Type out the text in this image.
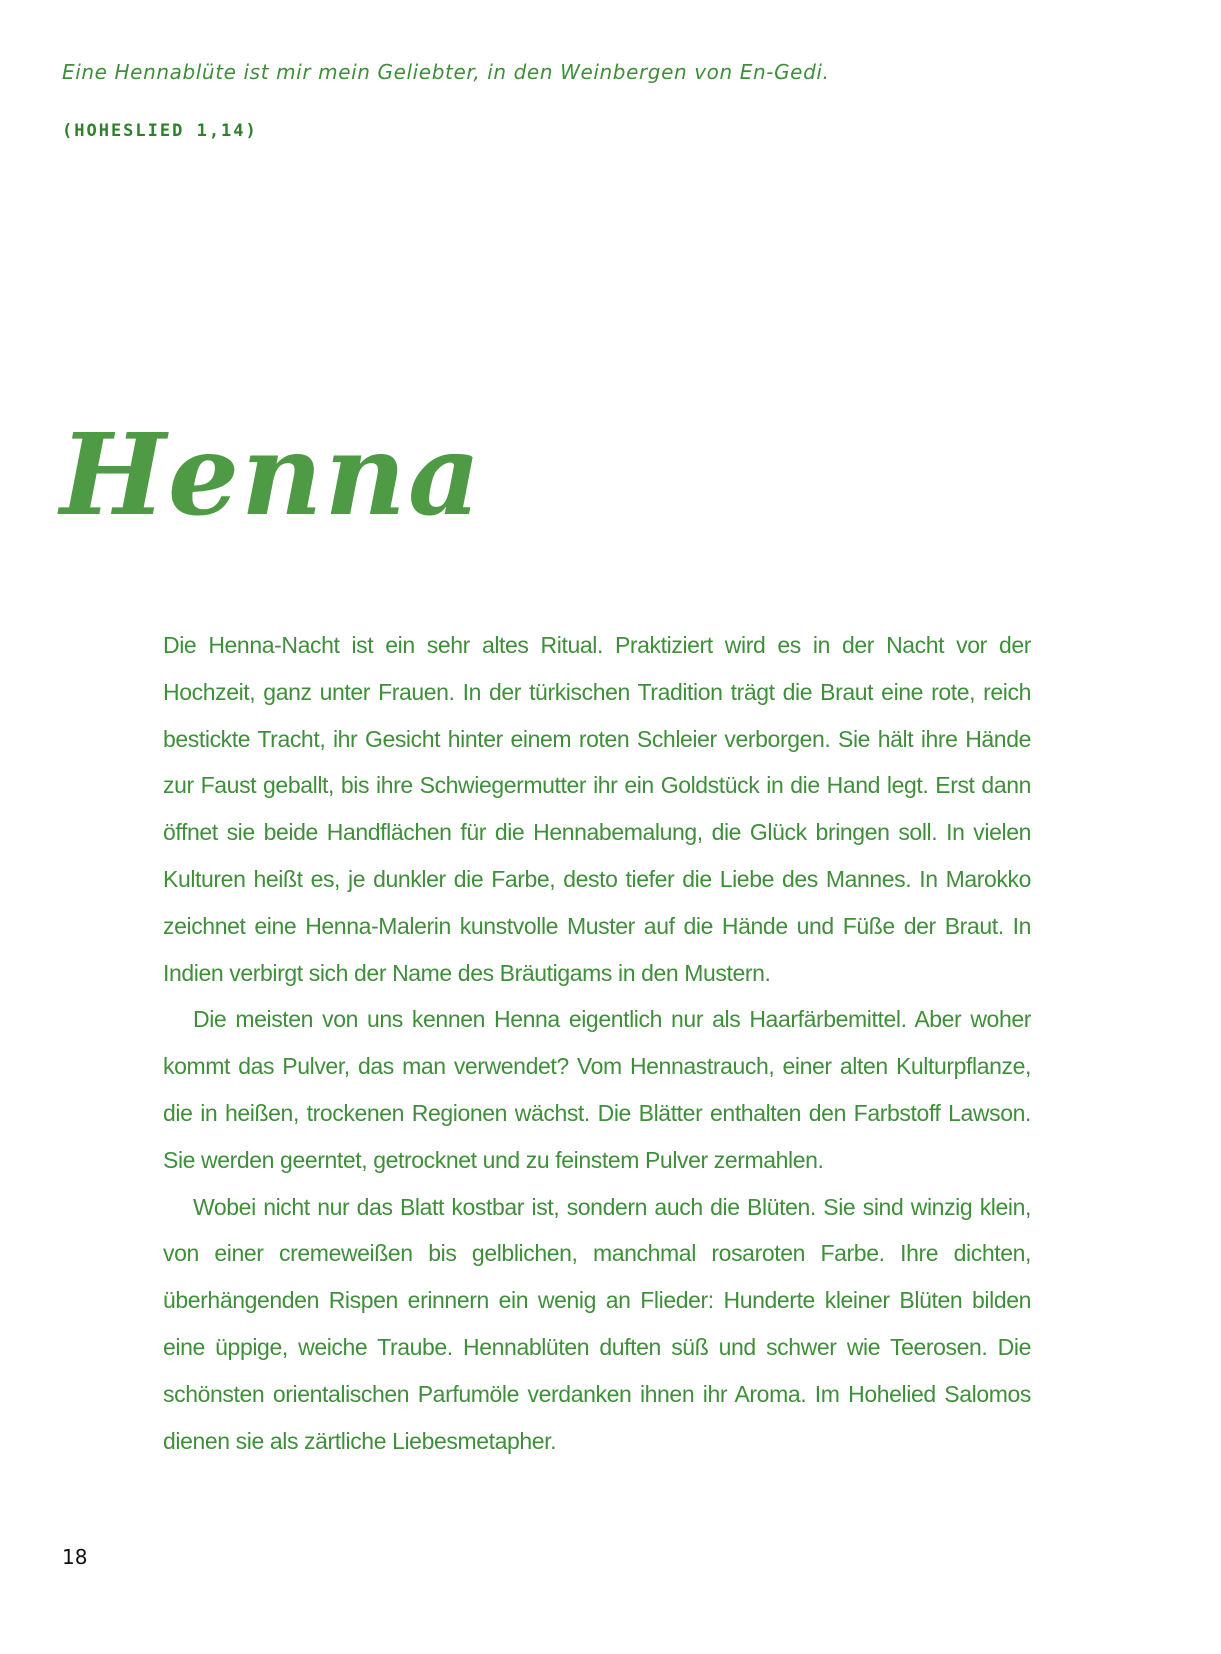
Eine Hennablüte ist mir mein Geliebter, in den Weinbergen von En-Gedi.

(HOHESLIED 1,14)

Henna

Die Henna-Nacht ist ein sehr altes Ritual. Praktiziert wird es in der Nacht vor der Hochzeit, ganz unter Frauen. In der türkischen Tradition trägt die Braut eine rote, reich bestickte Tracht, ihr Gesicht hinter einem roten Schleier verborgen. Sie hält ihre Hände zur Faust geballt, bis ihre Schwiegermutter ihr ein Goldstück in die Hand legt. Erst dann öffnet sie beide Handflächen für die Hennabemalung, die Glück bringen soll. In vielen Kulturen heißt es, je dunkler die Farbe, desto tiefer die Liebe des Mannes. In Marokko zeichnet eine Henna-Malerin kunstvolle Muster auf die Hände und Füße der Braut. In Indien verbirgt sich der Name des Bräutigams in den Mustern.

Die meisten von uns kennen Henna eigentlich nur als Haarfärbemittel. Aber woher kommt das Pulver, das man verwendet? Vom Hennastrauch, einer alten Kulturpflanze, die in heißen, trockenen Regionen wächst. Die Blätter enthalten den Farbstoff Lawson. Sie werden geerntet, getrocknet und zu feinstem Pulver zermahlen.

Wobei nicht nur das Blatt kostbar ist, sondern auch die Blüten. Sie sind winzig klein, von einer cremeweißen bis gelblichen, manchmal rosaroten Farbe. Ihre dichten, überhängenden Rispen erinnern ein wenig an Flieder: Hunderte kleiner Blüten bilden eine üppige, weiche Traube. Hennablüten duften süß und schwer wie Teerosen. Die schönsten orientalischen Parfumöle verdanken ihnen ihr Aroma. Im Hohelied Salomos dienen sie als zärtliche Liebesmetapher.

18
